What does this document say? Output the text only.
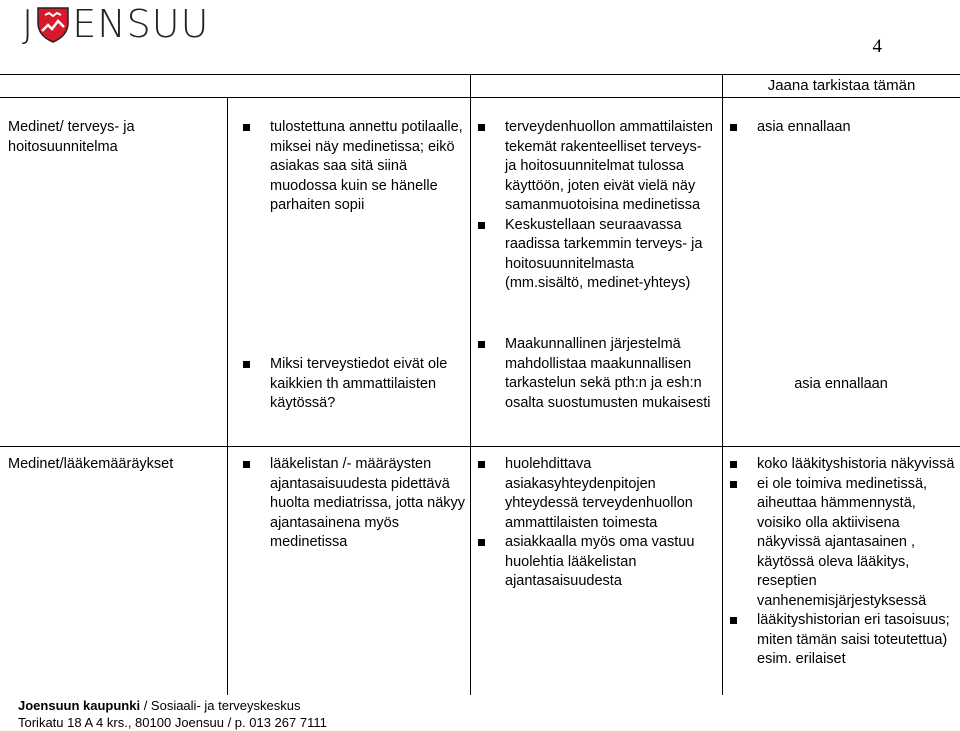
J ENSUU
4
Jaana tarkistaa tämän
Medinet/ terveys- ja hoitosuunnitelma
tulostettuna annettu potilaalle, miksei näy medinetissa; eikö asiakas saa sitä siinä muodossa kuin se hänelle parhaiten sopii
terveydenhuollon ammattilaisten tekemät rakenteelliset terveys- ja hoitosuunnitelmat tulossa käyttöön, joten eivät vielä näy samanmuotoisina medinetissa
Keskustellaan seuraavassa raadissa tarkemmin terveys- ja hoitosuunnitelmasta (mm.sisältö, medinet-yhteys)
asia ennallaan
Miksi terveystiedot eivät ole kaikkien th ammattilaisten käytössä?
Maakunnallinen järjestelmä mahdollistaa maakunnallisen tarkastelun sekä pth:n ja esh:n osalta suostumusten mukaisesti
asia ennallaan
Medinet/lääkemääräykset	lääkelistan /- määräysten ajantasaisuudesta pidettävä huolta mediatrissa, jotta näkyy ajantasainena myös medinetissa
huolehdittava asiakasyhteydenpitojen yhteydessä terveydenhuollon ammattilaisten toimesta
asiakkaalla myös oma vastuu huolehtia lääkelistan ajantasaisuudesta
koko lääkityshistoria näkyvissä
ei ole toimiva medinetissä, aiheuttaa hämmennystä, voisiko olla aktiivisena näkyvissä ajantasainen , käytössä oleva lääkitys, reseptien vanhenemisjärjestyksessä
lääkityshistorian eri tasoisuus; miten tämän saisi toteutettua) esim. erilaiset
Joensuun kaupunki / Sosiaali- ja terveyskeskus
Torikatu 18 A 4 krs., 80100 Joensuu / p. 013 267 7111
